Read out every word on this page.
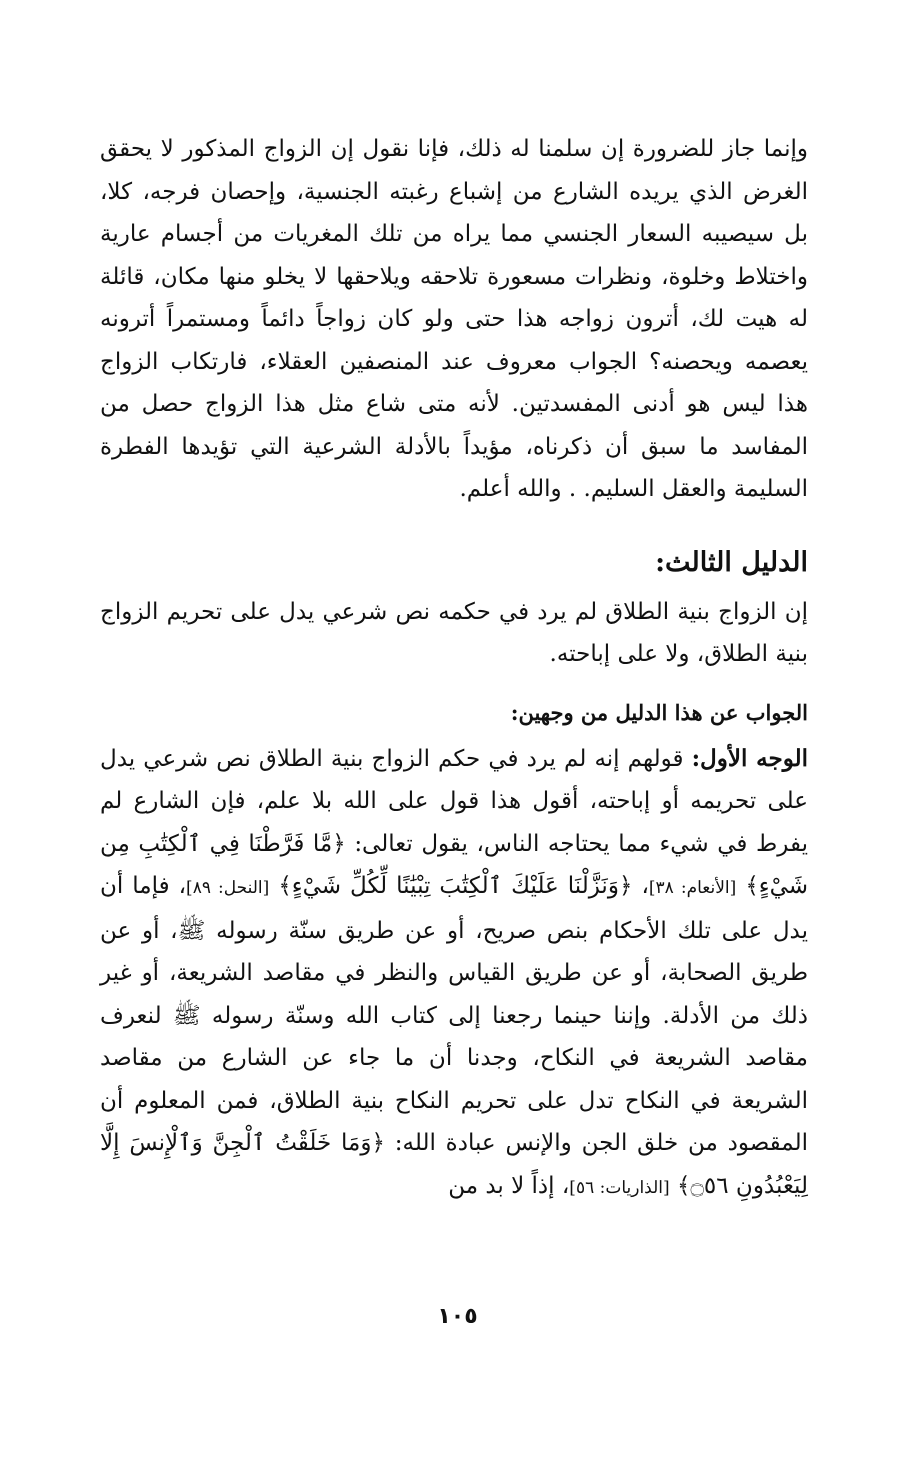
وإنما جاز للضرورة إن سلمنا له ذلك، فإنا نقول إن الزواج المذكور لا يحقق الغرض الذي يريده الشارع من إشباع رغبته الجنسية، وإحصان فرجه، كلا، بل سيصيبه السعار الجنسي مما يراه من تلك المغريات من أجسام عارية واختلاط وخلوة، ونظرات مسعورة تلاحقه ويلاحقها لا يخلو منها مكان، قائلة له هيت لك، أترون زواجه هذا حتى ولو كان زواجاً دائماً ومستمراً أترونه يعصمه ويحصنه؟ الجواب معروف عند المنصفين العقلاء، فارتكاب الزواج هذا ليس هو أدنى المفسدتين. لأنه متى شاع مثل هذا الزواج حصل من المفاسد ما سبق أن ذكرناه، مؤيداً بالأدلة الشرعية التي تؤيدها الفطرة السليمة والعقل السليم. . والله أعلم.

الدليل الثالث:

إن الزواج بنية الطلاق لم يرد في حكمه نص شرعي يدل على تحريم الزواج بنية الطلاق، ولا على إباحته.

الجواب عن هذا الدليل من وجهين:

الوجه الأول: قولهم إنه لم يرد في حكم الزواج بنية الطلاق نص شرعي يدل على تحريمه أو إباحته، أقول هذا قول على الله بلا علم، فإن الشارع لم يفرط في شيء مما يحتاجه الناس، يقول تعالى: ﴿مَّا فَرَّطْنَا فِي ٱلْكِتَٰبِ مِن شَيْءٍ﴾ [الأنعام: ٣٨]، ﴿وَنَزَّلْنَا عَلَيْكَ ٱلْكِتَٰبَ تِبْيَٰنًا لِّكُلِّ شَيْءٍ﴾ [النحل: ٨٩]، فإما أن يدل على تلك الأحكام بنص صريح، أو عن طريق سنّة رسوله ﷺ، أو عن طريق الصحابة، أو عن طريق القياس والنظر في مقاصد الشريعة، أو غير ذلك من الأدلة. وإننا حينما رجعنا إلى كتاب الله وسنّة رسوله ﷺ لنعرف مقاصد الشريعة في النكاح، وجدنا أن ما جاء عن الشارع من مقاصد الشريعة في النكاح تدل على تحريم النكاح بنية الطلاق، فمن المعلوم أن المقصود من خلق الجن والإنس عبادة الله: ﴿وَمَا خَلَقْتُ ٱلْجِنَّ وَٱلْإِنسَ إِلَّا لِيَعْبُدُونِ ۝٥٦﴾ [الذاريات: ٥٦]، إذاً لا بد من

١٠٥
